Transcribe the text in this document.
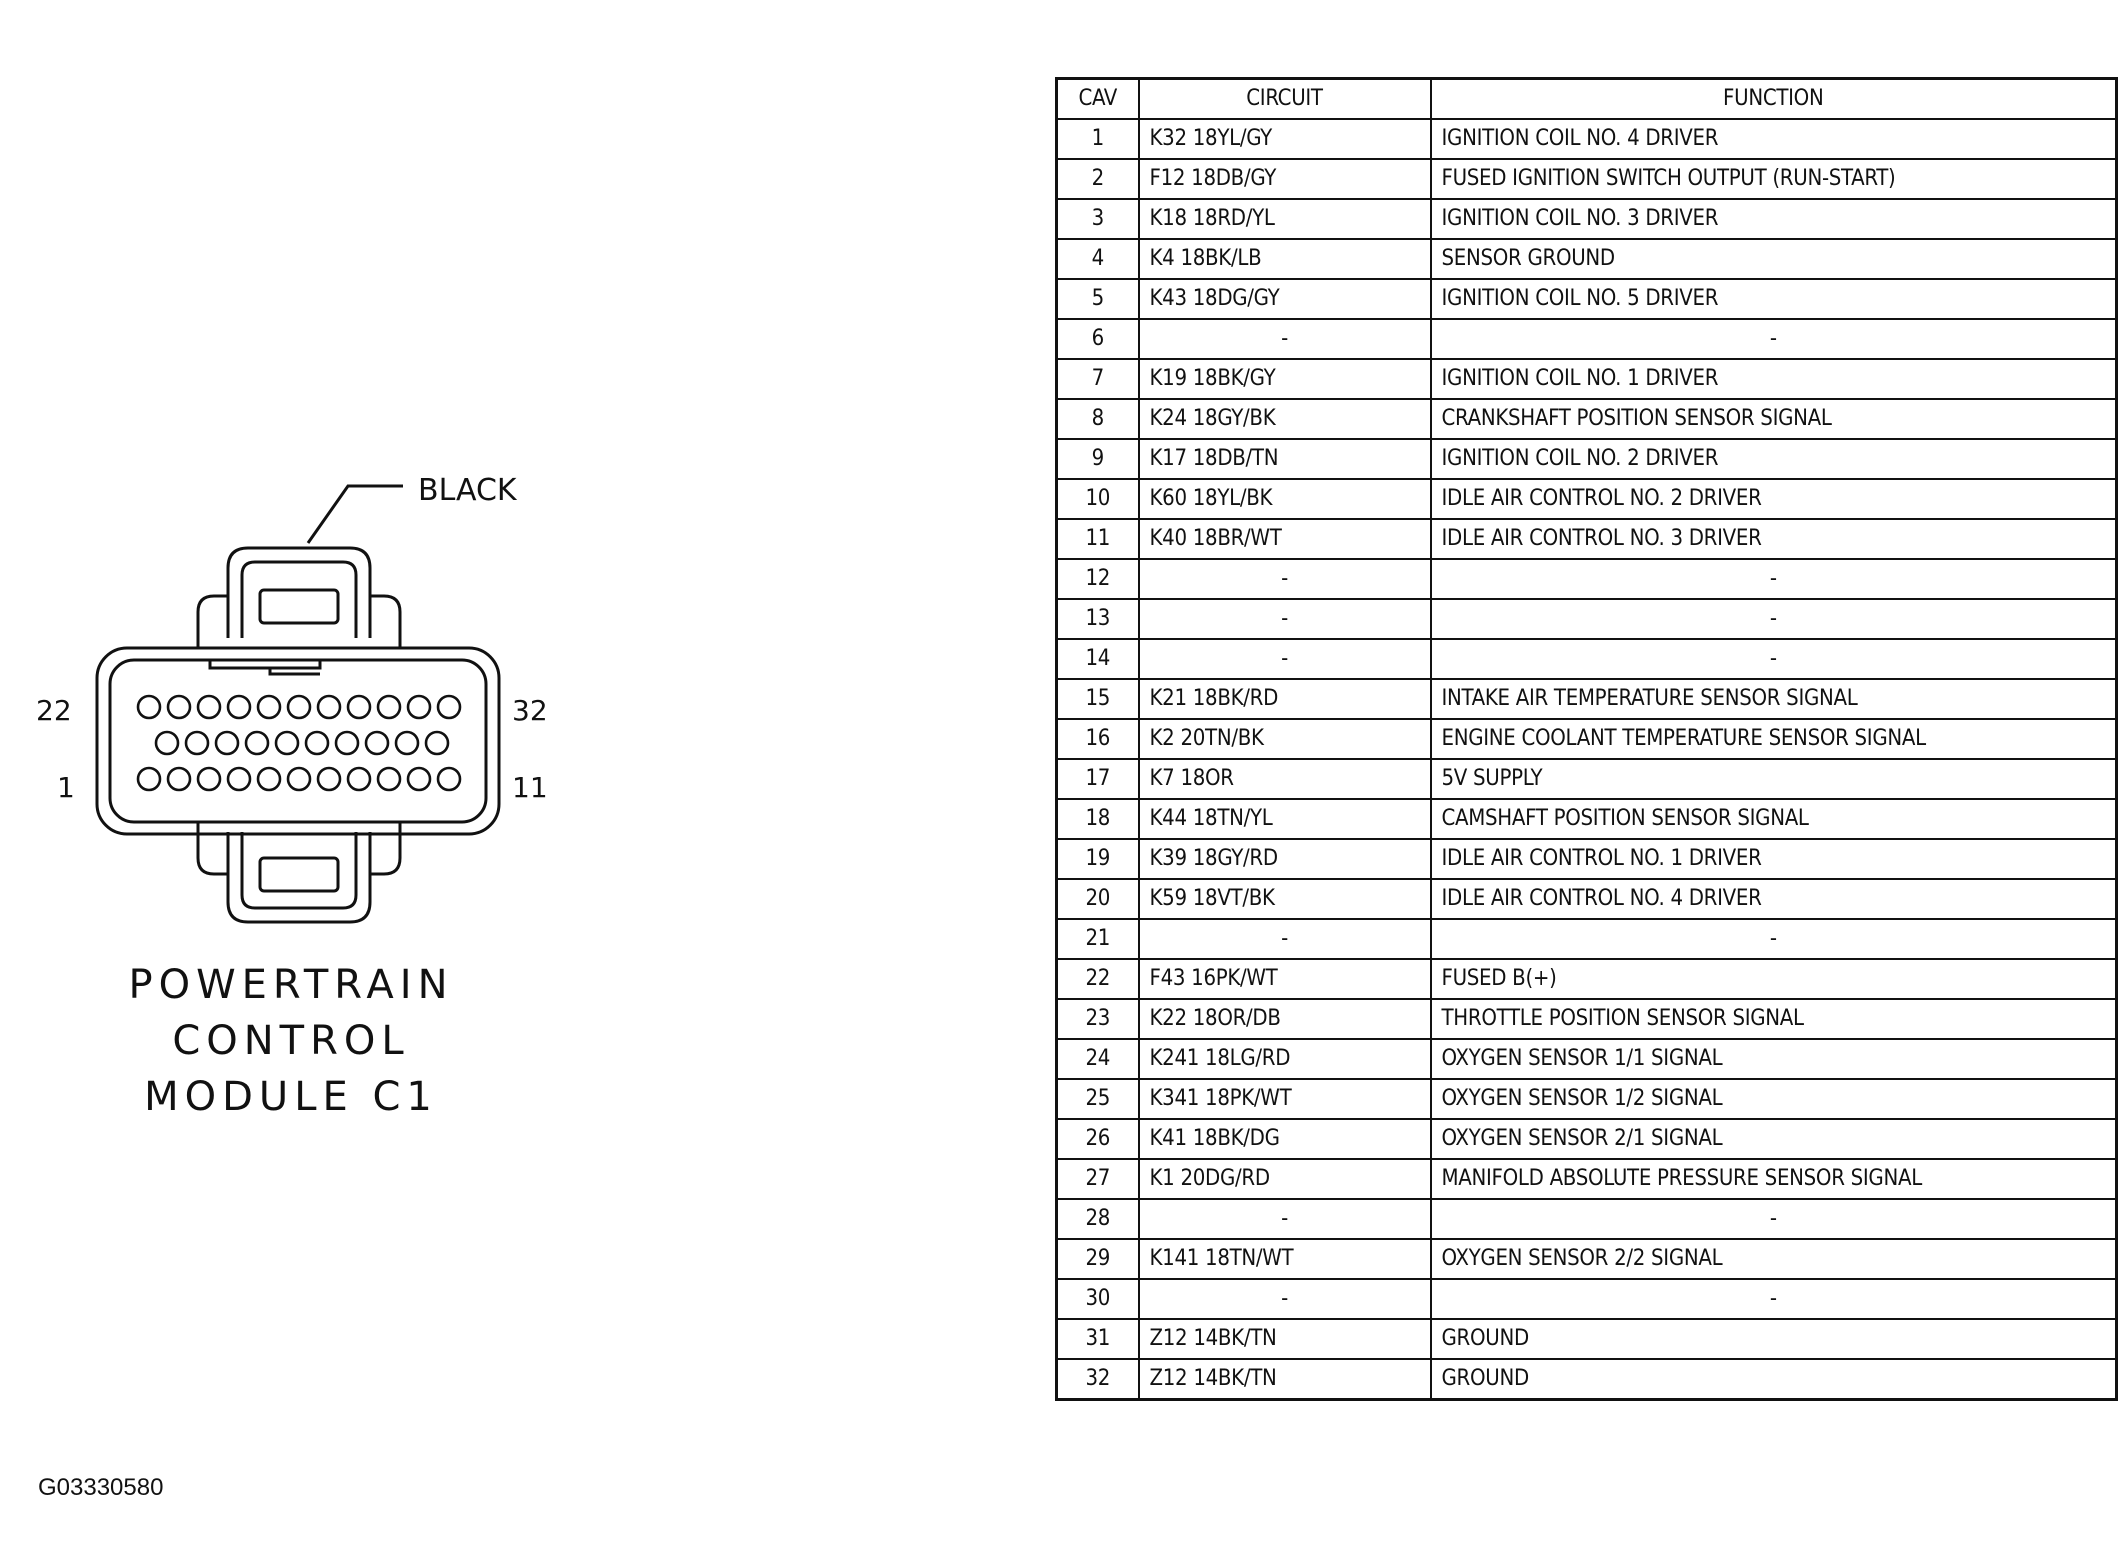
BLACK
22	32
1	11
POWERTRAIN
CONTROL
MODULE C1
CAV	CIRCUIT	FUNCTION
1	K32 18YL/GY	IGNITION COIL NO. 4 DRIVER
2	F12 18DB/GY	FUSED IGNITION SWITCH OUTPUT (RUN-START)
3	K18 18RD/YL	IGNITION COIL NO. 3 DRIVER
4	K4 18BK/LB	SENSOR GROUND
5	K43 18DG/GY	IGNITION COIL NO. 5 DRIVER
6	-	-
7	K19 18BK/GY	IGNITION COIL NO. 1 DRIVER
8	K24 18GY/BK	CRANKSHAFT POSITION SENSOR SIGNAL
9	K17 18DB/TN	IGNITION COIL NO. 2 DRIVER
10	K60 18YL/BK	IDLE AIR CONTROL NO. 2 DRIVER
11	K40 18BR/WT	IDLE AIR CONTROL NO. 3 DRIVER
12	-	-
13	-	-
14	-	-
15	K21 18BK/RD	INTAKE AIR TEMPERATURE SENSOR SIGNAL
16	K2 20TN/BK	ENGINE COOLANT TEMPERATURE SENSOR SIGNAL
17	K7 18OR	5V SUPPLY
18	K44 18TN/YL	CAMSHAFT POSITION SENSOR SIGNAL
19	K39 18GY/RD	IDLE AIR CONTROL NO. 1 DRIVER
20	K59 18VT/BK	IDLE AIR CONTROL NO. 4 DRIVER
21	-	-
22	F43 16PK/WT	FUSED B(+)
23	K22 18OR/DB	THROTTLE POSITION SENSOR SIGNAL
24	K241 18LG/RD	OXYGEN SENSOR 1/1 SIGNAL
25	K341 18PK/WT	OXYGEN SENSOR 1/2 SIGNAL
26	K41 18BK/DG	OXYGEN SENSOR 2/1 SIGNAL
27	K1 20DG/RD	MANIFOLD ABSOLUTE PRESSURE SENSOR SIGNAL
28	-	-
29	K141 18TN/WT	OXYGEN SENSOR 2/2 SIGNAL
30	-	-
31	Z12 14BK/TN	GROUND
32	Z12 14BK/TN	GROUND
G03330580
